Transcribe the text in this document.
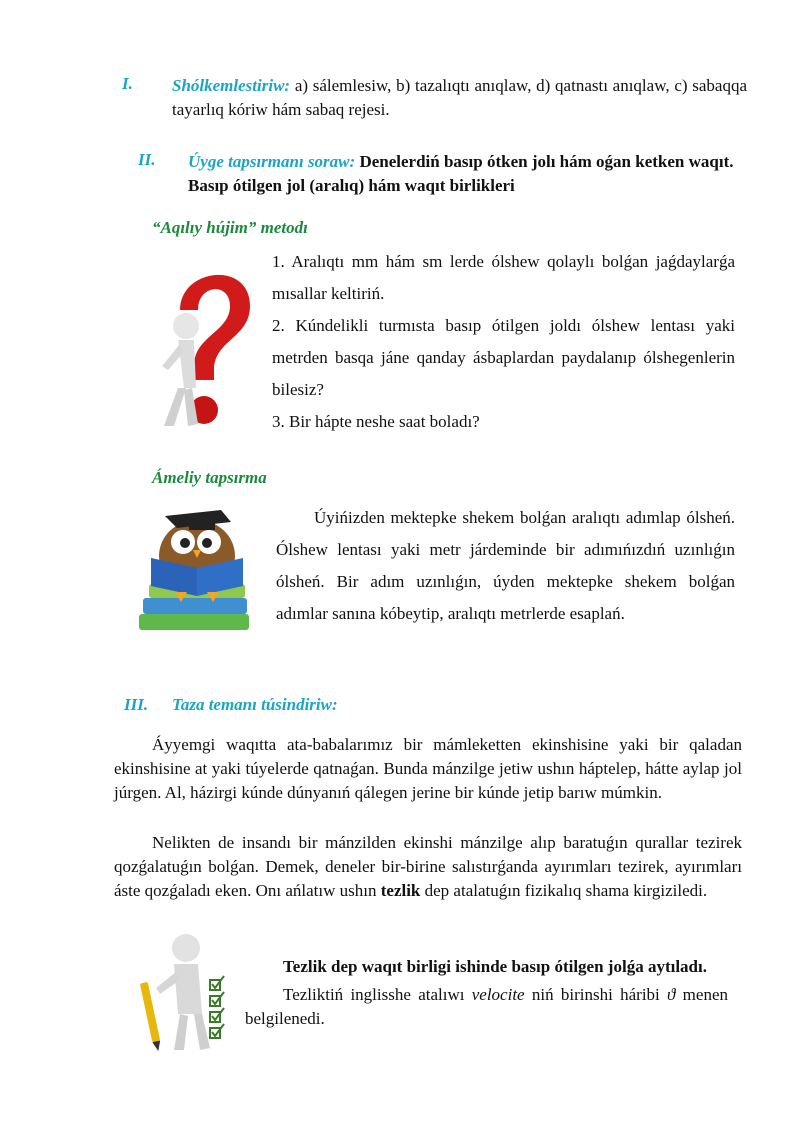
I. Shólkemlestiriw: a) sálemlesiw, b) tazalıqtı anıqlaw, d) qatnastı anıqlaw, c) sabaqqa tayarlıq kóriw hám sabaq rejesi.

II. Úyge tapsırmanı soraw: Denelerdiń basıp ótken jolı hám oǵan ketken waqıt. Basıp ótilgen jol (aralıq) hám waqıt birlikleri

“Aqılıy hújim” metodı

1. Aralıqtı mm hám sm lerde ólshew qolaylı bolǵan jaǵdaylarǵa mısallar keltiriń.

2. Kúndelikli turmısta basıp ótilgen joldı ólshew lentası yaki metrden basqa jáne qanday ásbaplardan paydalanıp ólshegenlerin bilesiz?

3. Bir hápte neshe saat boladı?

Ámeliy tapsırma

Úyińizden mektepke shekem bolǵan aralıqtı adımlap ólsheń. Ólshew lentası yaki metr járdeminde bir adımıńızdıń uzınlıǵın ólsheń. Bir adım uzınlıǵın, úyden mektepke shekem bolǵan adımlar sanına kóbeytip, aralıqtı metrlerde esaplań.

III. Taza temanı túsindiriw:

Áyyemgi waqıtta ata-babalarımız bir mámleketten ekinshisine yaki bir qaladan ekinshisine at yaki túyelerde qatnaǵan. Bunda mánzilge jetiw ushın háptelep, hátte aylap jol júrgen. Al, házirgi kúnde dúnyanıń qálegen jerine bir kúnde jetip barıw múmkin.

Nelikten de insandı bir mánzilden ekinshi mánzilge alıp baratuǵın qurallar tezirek qozǵalatuǵın bolǵan. Demek, deneler bir-birine salıstırǵanda ayırımları tezirek, ayırımları áste qozǵaladı eken. Onı ańlatıw ushın tezlik dep atalatuǵın fizikalıq shama kirgiziledi.

Tezlik dep waqıt birligi ishinde basıp ótilgen jolǵa aytıladı.

Tezliktiń inglisshe atalıwı velocite niń birinshi háribi ϑ menen belgilenedi.
